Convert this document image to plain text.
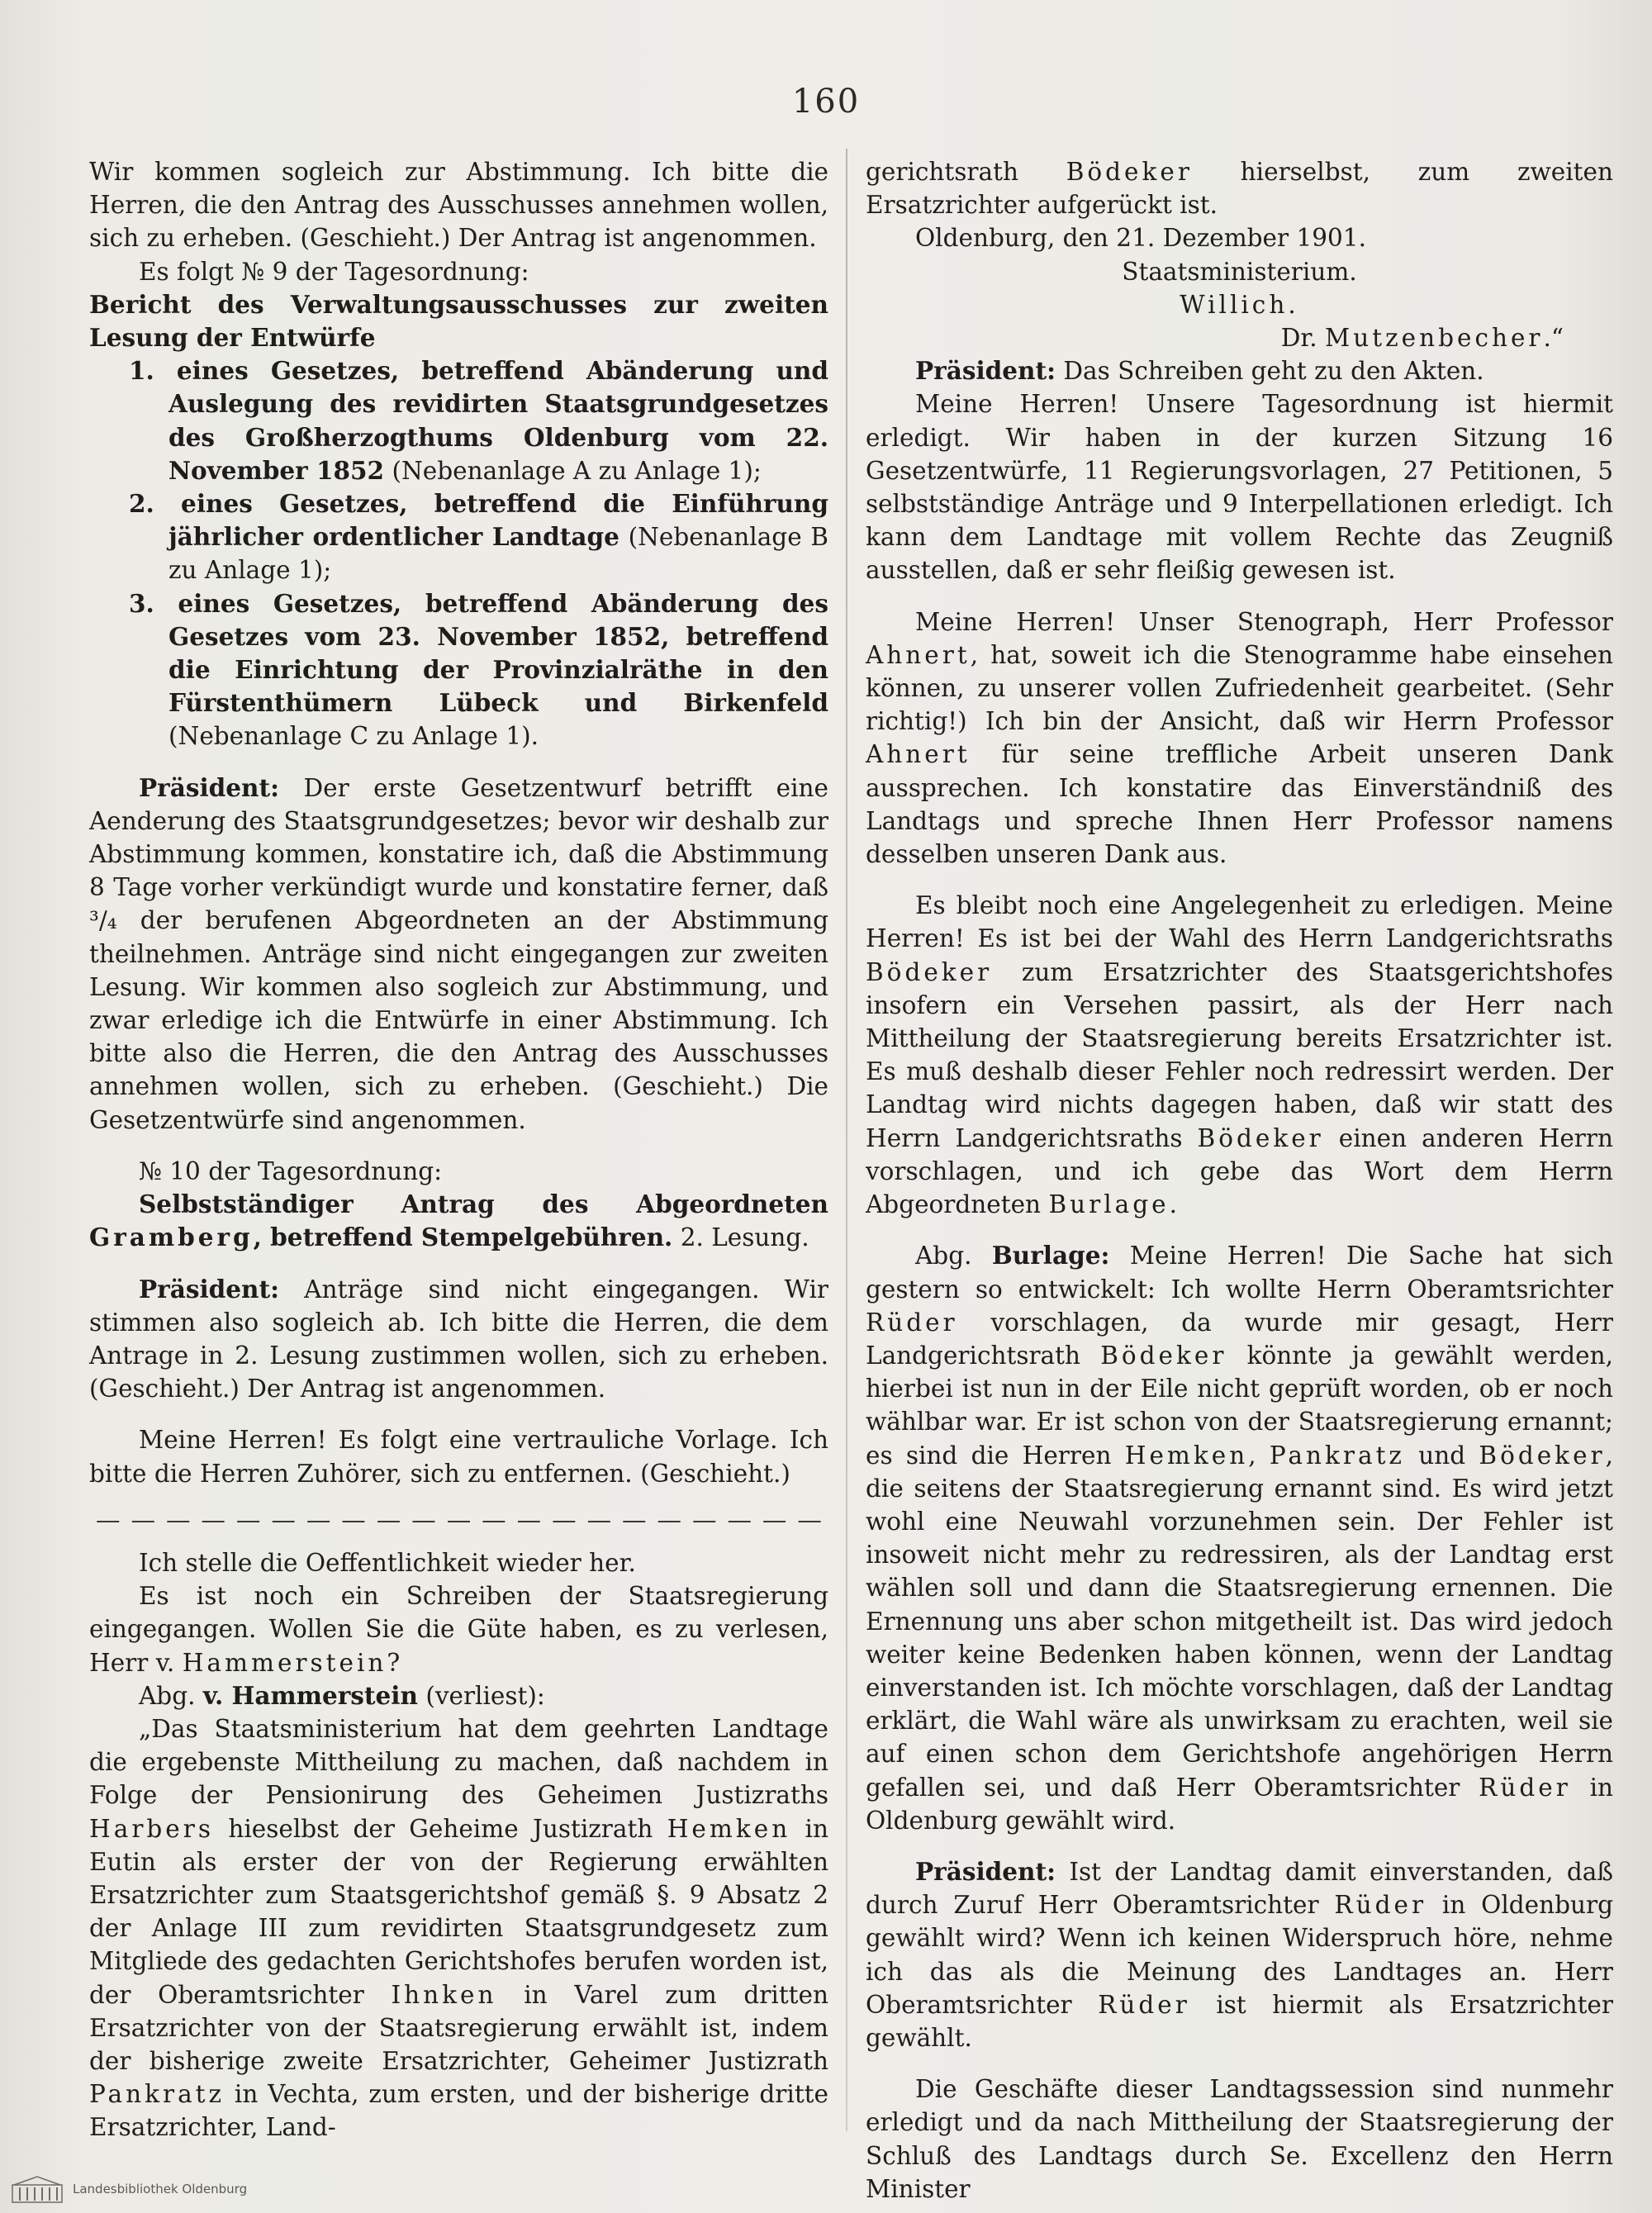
160

Wir kommen sogleich zur Abstimmung. Ich bitte die Herren, die den Antrag des Ausschusses annehmen wollen, sich zu erheben. (Geschieht.) Der Antrag ist angenommen.

Es folgt № 9 der Tagesordnung:

Bericht des Verwaltungsausschusses zur zweiten Lesung der Entwürfe

1. eines Gesetzes, betreffend Abänderung und Auslegung des revidirten Staatsgrundgesetzes des Großherzogthums Oldenburg vom 22. November 1852 (Nebenanlage A zu Anlage 1);

2. eines Gesetzes, betreffend die Einführung jährlicher ordentlicher Landtage (Nebenanlage B zu Anlage 1);

3. eines Gesetzes, betreffend Abänderung des Gesetzes vom 23. November 1852, betreffend die Einrichtung der Provinzialräthe in den Fürstenthümern Lübeck und Birkenfeld (Nebenanlage C zu Anlage 1).

Präsident: Der erste Gesetzentwurf betrifft eine Aenderung des Staatsgrundgesetzes; bevor wir deshalb zur Abstimmung kommen, konstatire ich, daß die Abstimmung 8 Tage vorher verkündigt wurde und konstatire ferner, daß ³/₄ der berufenen Abgeordneten an der Abstimmung theilnehmen. Anträge sind nicht eingegangen zur zweiten Lesung. Wir kommen also sogleich zur Abstimmung, und zwar erledige ich die Entwürfe in einer Abstimmung. Ich bitte also die Herren, die den Antrag des Ausschusses annehmen wollen, sich zu erheben. (Geschieht.) Die Gesetzentwürfe sind angenommen.

№ 10 der Tagesordnung:

Selbstständiger Antrag des Abgeordneten Gramberg, betreffend Stempelgebühren. 2. Lesung.

Präsident: Anträge sind nicht eingegangen. Wir stimmen also sogleich ab. Ich bitte die Herren, die dem Antrage in 2. Lesung zustimmen wollen, sich zu erheben. (Geschieht.) Der Antrag ist angenommen.

Meine Herren! Es folgt eine vertrauliche Vorlage. Ich bitte die Herren Zuhörer, sich zu entfernen. (Geschieht.)

— — — — — — — — — — — — — — — — — — — — —

Ich stelle die Oeffentlichkeit wieder her.

Es ist noch ein Schreiben der Staatsregierung eingegangen. Wollen Sie die Güte haben, es zu verlesen, Herr v. Hammerstein?

Abg. v. Hammerstein (verliest):

„Das Staatsministerium hat dem geehrten Landtage die ergebenste Mittheilung zu machen, daß nachdem in Folge der Pensionirung des Geheimen Justizraths Harbers hieselbst der Geheime Justizrath Hemken in Eutin als erster der von der Regierung erwählten Ersatzrichter zum Staatsgerichtshof gemäß §. 9 Absatz 2 der Anlage III zum revidirten Staatsgrundgesetz zum Mitgliede des gedachten Gerichtshofes berufen worden ist, der Oberamtsrichter Ihnken in Varel zum dritten Ersatzrichter von der Staatsregierung erwählt ist, indem der bisherige zweite Ersatzrichter, Geheimer Justizrath Pankratz in Vechta, zum ersten, und der bisherige dritte Ersatzrichter, Land-

gerichtsrath Bödeker hierselbst, zum zweiten Ersatzrichter aufgerückt ist.

Oldenburg, den 21. Dezember 1901.

Staatsministerium.

Willich.

Dr. Mutzenbecher.“

Präsident: Das Schreiben geht zu den Akten.

Meine Herren! Unsere Tagesordnung ist hiermit erledigt. Wir haben in der kurzen Sitzung 16 Gesetzentwürfe, 11 Regierungsvorlagen, 27 Petitionen, 5 selbstständige Anträge und 9 Interpellationen erledigt. Ich kann dem Landtage mit vollem Rechte das Zeugniß ausstellen, daß er sehr fleißig gewesen ist.

Meine Herren! Unser Stenograph, Herr Professor Ahnert, hat, soweit ich die Stenogramme habe einsehen können, zu unserer vollen Zufriedenheit gearbeitet. (Sehr richtig!) Ich bin der Ansicht, daß wir Herrn Professor Ahnert für seine treffliche Arbeit unseren Dank aussprechen. Ich konstatire das Einverständniß des Landtags und spreche Ihnen Herr Professor namens desselben unseren Dank aus.

Es bleibt noch eine Angelegenheit zu erledigen. Meine Herren! Es ist bei der Wahl des Herrn Landgerichtsraths Bödeker zum Ersatzrichter des Staatsgerichtshofes insofern ein Versehen passirt, als der Herr nach Mittheilung der Staatsregierung bereits Ersatzrichter ist. Es muß deshalb dieser Fehler noch redressirt werden. Der Landtag wird nichts dagegen haben, daß wir statt des Herrn Landgerichtsraths Bödeker einen anderen Herrn vorschlagen, und ich gebe das Wort dem Herrn Abgeordneten Burlage.

Abg. Burlage: Meine Herren! Die Sache hat sich gestern so entwickelt: Ich wollte Herrn Oberamtsrichter Rüder vorschlagen, da wurde mir gesagt, Herr Landgerichtsrath Bödeker könnte ja gewählt werden, hierbei ist nun in der Eile nicht geprüft worden, ob er noch wählbar war. Er ist schon von der Staatsregierung ernannt; es sind die Herren Hemken, Pankratz und Bödeker, die seitens der Staatsregierung ernannt sind. Es wird jetzt wohl eine Neuwahl vorzunehmen sein. Der Fehler ist insoweit nicht mehr zu redressiren, als der Landtag erst wählen soll und dann die Staatsregierung ernennen. Die Ernennung uns aber schon mitgetheilt ist. Das wird jedoch weiter keine Bedenken haben können, wenn der Landtag einverstanden ist. Ich möchte vorschlagen, daß der Landtag erklärt, die Wahl wäre als unwirksam zu erachten, weil sie auf einen schon dem Gerichtshofe angehörigen Herrn gefallen sei, und daß Herr Oberamtsrichter Rüder in Oldenburg gewählt wird.

Präsident: Ist der Landtag damit einverstanden, daß durch Zuruf Herr Oberamtsrichter Rüder in Oldenburg gewählt wird? Wenn ich keinen Widerspruch höre, nehme ich das als die Meinung des Landtages an. Herr Oberamtsrichter Rüder ist hiermit als Ersatzrichter gewählt.

Die Geschäfte dieser Landtagssession sind nunmehr erledigt und da nach Mittheilung der Staatsregierung der Schluß des Landtags durch Se. Excellenz den Herrn Minister

Landesbibliothek Oldenburg
